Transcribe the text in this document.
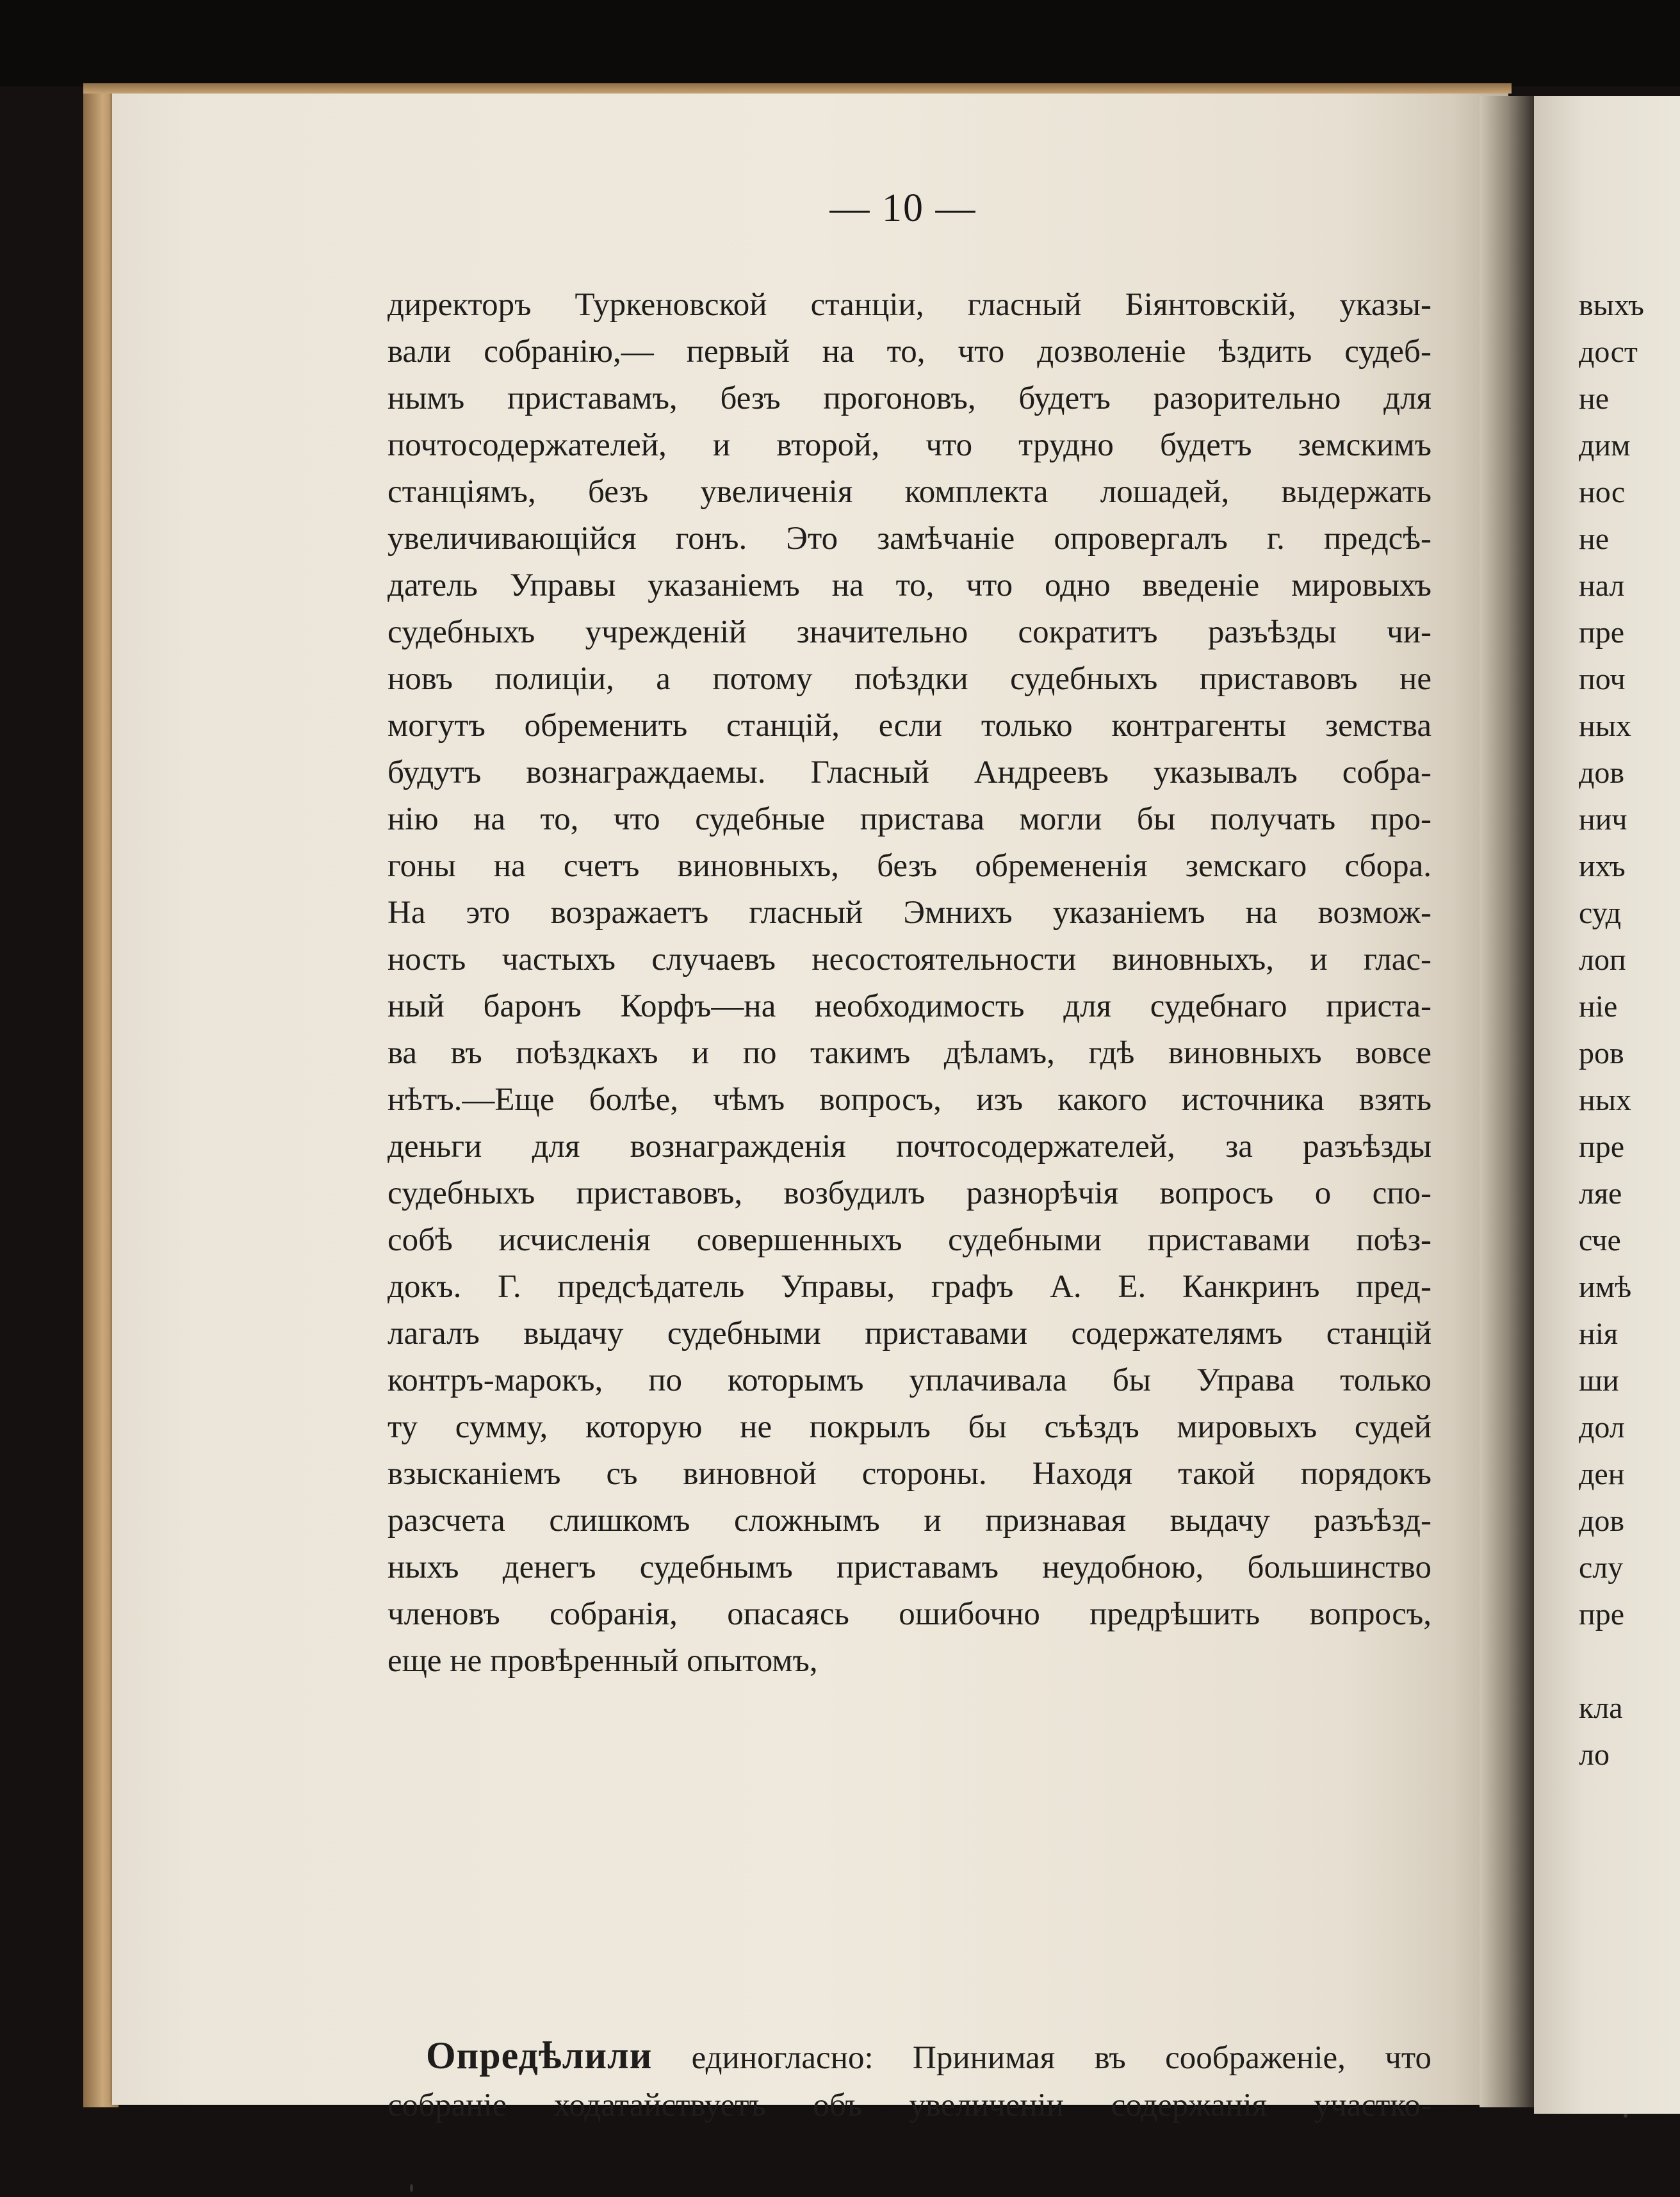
— 10 —
директоръ Туркеновской станціи, гласный Біянтовскій, указы-
вали собранію,— первый на то, что дозволеніе ѣздить судеб-
нымъ приставамъ, безъ прогоновъ, будетъ разорительно для
почтосодержателей, и второй, что трудно будетъ земскимъ
станціямъ, безъ увеличенія комплекта лошадей, выдержать
увеличивающійся гонъ. Это замѣчаніе опровергалъ г. предсѣ-
датель Управы указаніемъ на то, что одно введеніе мировыхъ
судебныхъ учрежденій значительно сократитъ разъѣзды чи-
новъ полиціи, а потому поѣздки судебныхъ приставовъ не
могутъ обременить станцій, если только контрагенты земства
будутъ вознаграждаемы. Гласный Андреевъ указывалъ собра-
нію на то, что судебные пристава могли бы получать про-
гоны на счетъ виновныхъ, безъ обремененія земскаго сбора.
На это возражаетъ гласный Эмнихъ указаніемъ на возмож-
ность частыхъ случаевъ несостоятельности виновныхъ, и глас-
ный баронъ Корфъ—на необходимость для судебнаго пристa-
ва въ поѣздкахъ и по такимъ дѣламъ, гдѣ виновныхъ вовсе
нѣтъ.—Еще болѣе, чѣмъ вопросъ, изъ какого источника взять
деньги для вознагражденія почтосодержателей, за разъѣзды
судебныхъ приставовъ, возбудилъ разнорѣчія вопросъ о спо-
собѣ исчисленія совершенныхъ судебными приставами поѣз-
докъ. Г. предсѣдатель Управы, графъ А. Е. Канкринъ пред-
лагалъ выдачу судебными приставами содержателямъ станцій
контръ-марокъ, по которымъ уплачивала бы Управа только
ту сумму, которую не покрылъ бы съѣздъ мировыхъ судей
взысканіемъ съ виновной стороны. Находя такой порядокъ
разсчета слишкомъ сложнымъ и признавая выдачу разъѣзд-
ныхъ денегъ судебнымъ приставамъ неудобною, большинство
членовъ собранія, опасаясь ошибочно предрѣшить вопросъ,
еще не провѣренный опытомъ,
Опредѣлили единогласно: Принимая въ соображеніе, что
собраніе ходатайствуетъ объ увеличеніи содержанія участко-
выхъ
дост
не
дим
нос
не
нал
пре
поч
ных
дов
нич
ихъ
суд
лоп
ніе
ров
ных
пре
ляе
сче
имѣ
нія
ши
дол
ден
дов
слу
пре
кла
ло
